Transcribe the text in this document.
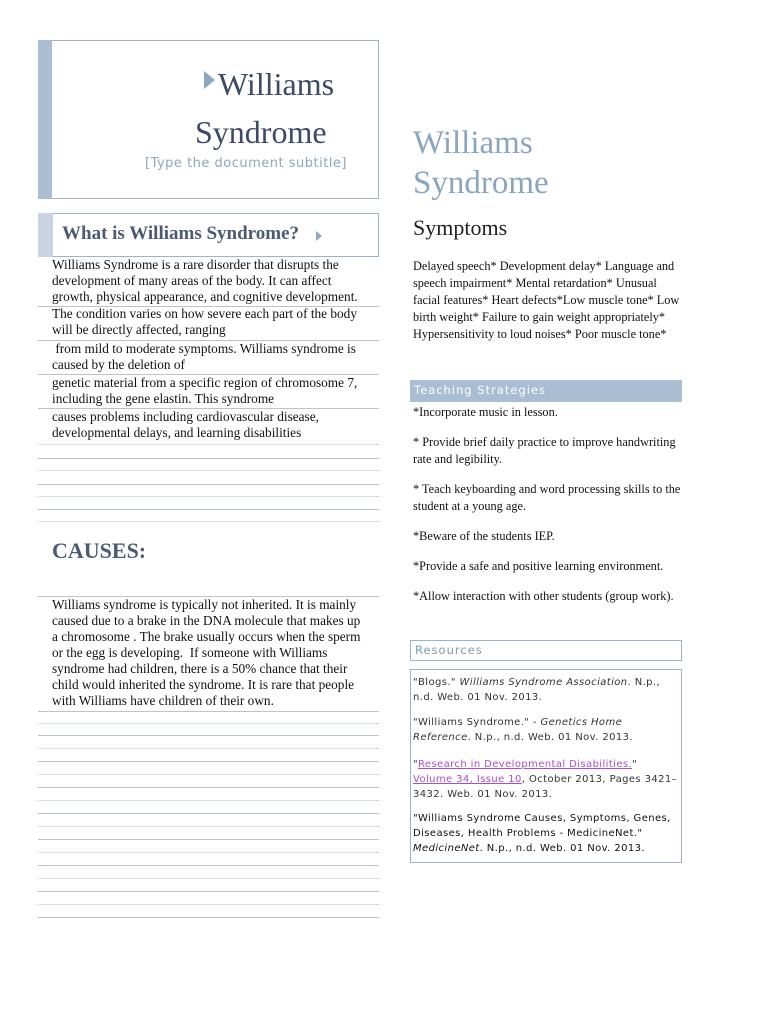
Williams
Syndrome
[Type the document subtitle]
What is Williams Syndrome?
Williams Syndrome is a rare disorder that disrupts the
development of many areas of the body. It can affect
growth, physical appearance, and cognitive development.
The condition varies on how severe each part of the body
will be directly affected, ranging
from mild to moderate symptoms. Williams syndrome is
caused by the deletion of
genetic material from a specific region of chromosome 7,
including the gene elastin. This syndrome
causes problems including cardiovascular disease,
developmental delays, and learning disabilities
CAUSES:
Williams syndrome is typically not inherited. It is mainly
caused due to a brake in the DNA molecule that makes up
a chromosome . The brake usually occurs when the sperm
or the egg is developing.  If someone with Williams
syndrome had children, there is a 50% chance that their
child would inherited the syndrome. It is rare that people
with Williams have children of their own.
Williams
Syndrome
Symptoms
Delayed speech* Development delay* Language and speech impairment* Mental retardation* Unusual facial features* Heart defects*Low muscle tone* Low birth weight* Failure to gain weight appropriately* Hypersensitivity to loud noises* Poor muscle tone*
Teaching Strategies
*Incorporate music in lesson.
* Provide brief daily practice to improve handwriting rate and legibility.
* Teach keyboarding and word processing skills to the student at a young age.
*Beware of the students IEP.
*Provide a safe and positive learning environment.
*Allow interaction with other students (group work).
Resources
"Blogs." Williams Syndrome Association. N.p., n.d. Web. 01 Nov. 2013.
"Williams Syndrome." - Genetics Home Reference. N.p., n.d. Web. 01 Nov. 2013.
"Research in Developmental Disabilities." Volume 34, Issue 10, October 2013, Pages 3421–3432. Web. 01 Nov. 2013.
"Williams Syndrome Causes, Symptoms, Genes, Diseases, Health Problems - MedicineNet." MedicineNet. N.p., n.d. Web. 01 Nov. 2013.
